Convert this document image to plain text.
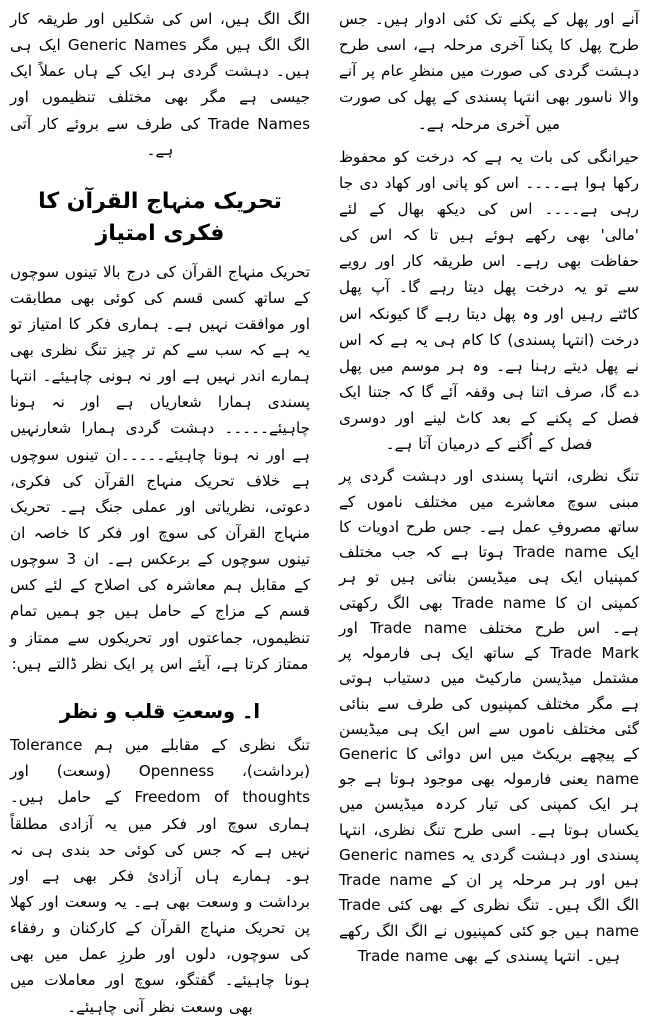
الگ الگ ہیں، اس کی شکلیں اور طریقہ کار الگ الگ ہیں مگر Generic Names ایک ہی ہیں۔ دہشت گردی ہر ایک کے ہاں عملاً ایک جیسی ہے مگر بھی مختلف تنظیموں اور Trade Names کی طرف سے بروئے کار آتی ہے۔

تحریک منہاج القرآن کا فکری امتیاز

تحریک منہاج القرآن کی درج بالا تینوں سوچوں کے ساتھ کسی قسم کی کوئی بھی مطابقت اور موافقت نہیں ہے۔ ہماری فکر کا امتیاز تو یہ ہے کہ سب سے کم تر چیز تنگ نظری بھی ہمارے اندر نہیں ہے اور نہ ہونی چاہیئے۔ انتہا پسندی ہمارا شعاریاں ہے اور نہ ہونا چاہیئے۔۔۔۔۔ دہشت گردی ہمارا شعارنہیں ہے اور نہ ہونا چاہیئے۔۔۔۔۔ان تینوں سوچوں ہے خلاف تحریک منہاج القرآن کی فکری، دعوتی، نظریاتی اور عملی جنگ ہے۔ تحریک منہاج القرآن کی سوچ اور فکر کا خاصہ ان تینوں سوچوں کے برعکس ہے۔ ان 3 سوچوں کے مقابل ہم معاشرہ کی اصلاح کے لئے کس قسم کے مزاج کے حامل ہیں جو ہمیں تمام تنظیموں، جماعتوں اور تحریکوں سے ممتاز و ممتاز کرتا ہے، آیئے اس پر ایک نظر ڈالتے ہیں:

ا۔ وسعتِ قلب و نظر

تنگ نظری کے مقابلے میں ہم Tolerance (برداشت)، Openness (وسعت) اور Freedom of thoughts کے حامل ہیں۔ ہماری سوچ اور فکر میں یہ آزادی مطلقاً نہیں ہے کہ جس کی کوئی حد بندی ہی نہ ہو۔ ہمارے ہاں آزادیٔ فکر بھی ہے اور برداشت و وسعت بھی ہے۔ یہ وسعت اور کھلا پن تحریک منہاج القرآن کے کارکنان و رفقاء کی سوچوں، دلوں اور طرزِ عمل میں بھی ہونا چاہیئے۔ گفتگو، سوچ اور معاملات میں بھی وسعت نظر آنی چاہیئے۔

آنے اور پھل کے پکنے تک کئی ادوار ہیں۔ جس طرح پھل کا پکنا آخری مرحلہ ہے، اسی طرح دہشت گردی کی صورت میں منظرِ عام پر آنے والا ناسور بھی انتہا پسندی کے پھل کی صورت میں آخری مرحلہ ہے۔

حیرانگی کی بات یہ ہے کہ درخت کو محفوظ رکھا ہوا ہے۔۔۔۔ اس کو پانی اور کھاد دی جا رہی ہے۔۔۔۔ اس کی دیکھ بھال کے لئے 'مالی' بھی رکھے ہوئے ہیں تا کہ اس کی حفاظت بھی رہے۔ اس طریقہ کار اور رویے سے تو یہ درخت پھل دیتا رہے گا۔ آپ پھل کاٹتے رہیں اور وہ پھل دیتا رہے گا کیونکہ اس درخت (انتہا پسندی) کا کام ہی یہ ہے کہ اس نے پھل دیتے رہنا ہے۔ وہ ہر موسم میں پھل دے گا، صرف اتنا ہی وقفہ آئے گا کہ جتنا ایک فصل کے پکنے کے بعد کاٹ لینے اور دوسری فصل کے اُگنے کے درمیان آتا ہے۔

تنگ نظری، انتہا پسندی اور دہشت گردی پر مبنی سوچ معاشرے میں مختلف ناموں کے ساتھ مصروفِ عمل ہے۔ جس طرح ادویات کا ایک Trade name ہوتا ہے کہ جب مختلف کمپنیاں ایک ہی میڈیسن بناتی ہیں تو ہر کمپنی ان کا Trade name بھی الگ رکھتی ہے۔ اس طرح مختلف Trade name اور Trade Mark کے ساتھ ایک ہی فارمولہ پر مشتمل میڈیسن مارکیٹ میں دستیاب ہوتی ہے مگر مختلف کمپنیوں کی طرف سے بنائی گئی مختلف ناموں سے اس ایک ہی میڈیسن کے پیچھے بریکٹ میں اس دوائی کا Generic name یعنی فارمولہ بھی موجود ہوتا ہے جو ہر ایک کمپنی کی تیار کردہ میڈیسن میں یکساں ہوتا ہے۔ اسی طرح تنگ نظری، انتہا پسندی اور دہشت گردی یہ Generic names ہیں اور ہر مرحلہ پر ان کے Trade name الگ الگ ہیں۔ تنگ نظری کے بھی کئی Trade name ہیں جو کئی کمپنیوں نے الگ الگ رکھے ہیں۔ انتہا پسندی کے بھی Trade name
